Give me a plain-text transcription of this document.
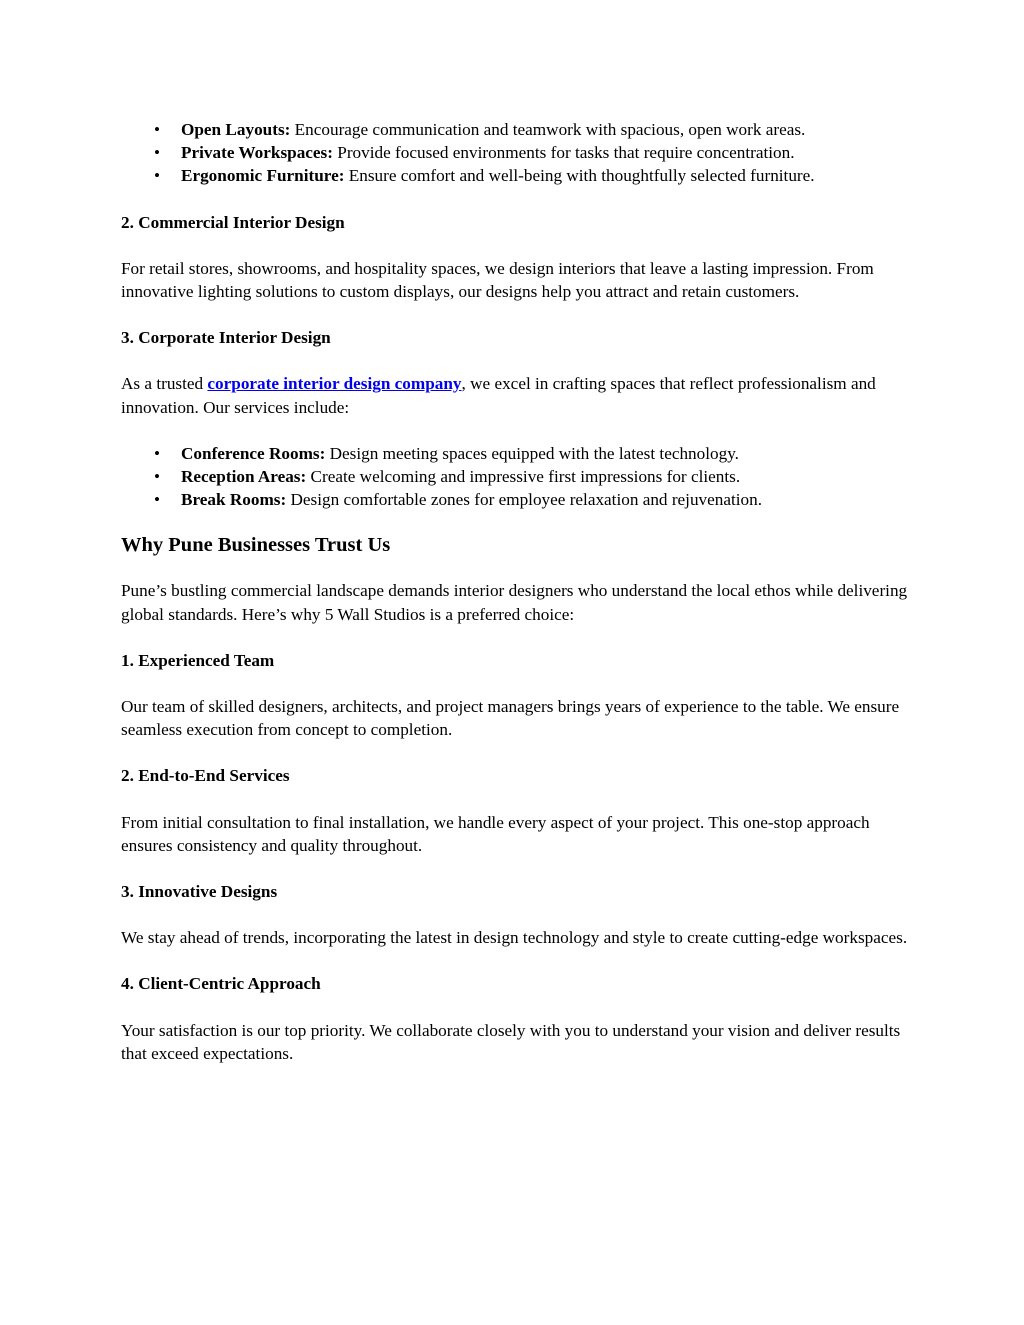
• Open Layouts: Encourage communication and teamwork with spacious, open work areas.
• Private Workspaces: Provide focused environments for tasks that require concentration.
• Ergonomic Furniture: Ensure comfort and well-being with thoughtfully selected furniture.

2. Commercial Interior Design

For retail stores, showrooms, and hospitality spaces, we design interiors that leave a lasting impression. From innovative lighting solutions to custom displays, our designs help you attract and retain customers.

3. Corporate Interior Design

As a trusted corporate interior design company, we excel in crafting spaces that reflect professionalism and innovation. Our services include:

• Conference Rooms: Design meeting spaces equipped with the latest technology.
• Reception Areas: Create welcoming and impressive first impressions for clients.
• Break Rooms: Design comfortable zones for employee relaxation and rejuvenation.

Why Pune Businesses Trust Us

Pune’s bustling commercial landscape demands interior designers who understand the local ethos while delivering global standards. Here’s why 5 Wall Studios is a preferred choice:

1. Experienced Team

Our team of skilled designers, architects, and project managers brings years of experience to the table. We ensure seamless execution from concept to completion.

2. End-to-End Services

From initial consultation to final installation, we handle every aspect of your project. This one-stop approach ensures consistency and quality throughout.

3. Innovative Designs

We stay ahead of trends, incorporating the latest in design technology and style to create cutting-edge workspaces.

4. Client-Centric Approach

Your satisfaction is our top priority. We collaborate closely with you to understand your vision and deliver results that exceed expectations.
